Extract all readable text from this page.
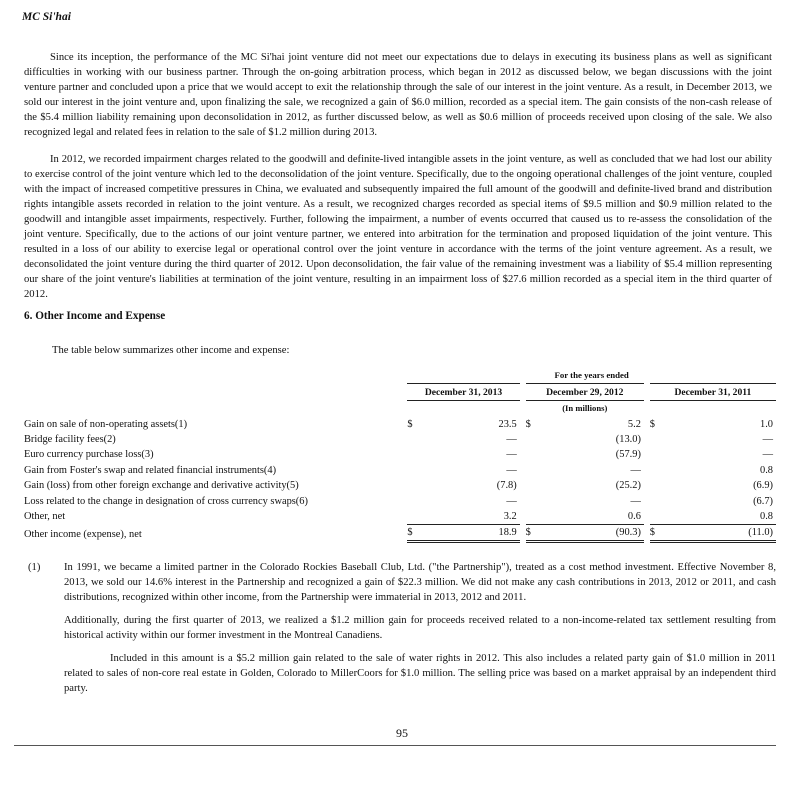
MC Si'hai

Since its inception, the performance of the MC Si'hai joint venture did not meet our expectations due to delays in executing its business plans as well as significant difficulties in working with our business partner. Through the on-going arbitration process, which began in 2012 as discussed below, we began discussions with the joint venture partner and concluded upon a price that we would accept to exit the relationship through the sale of our interest in the joint venture. As a result, in December 2013, we sold our interest in the joint venture and, upon finalizing the sale, we recognized a gain of $6.0 million, recorded as a special item. The gain consists of the non-cash release of the $5.4 million liability remaining upon deconsolidation in 2012, as further discussed below, as well as $0.6 million of proceeds received upon closing of the sale. We also recognized legal and related fees in relation to the sale of $1.2 million during 2013.

In 2012, we recorded impairment charges related to the goodwill and definite-lived intangible assets in the joint venture, as well as concluded that we had lost our ability to exercise control of the joint venture which led to the deconsolidation of the joint venture. Specifically, due to the ongoing operational challenges of the joint venture, coupled with the impact of increased competitive pressures in China, we evaluated and subsequently impaired the full amount of the goodwill and definite-lived brand and distribution rights intangible assets recorded in relation to the joint venture. As a result, we recognized charges recorded as special items of $9.5 million and $0.9 million related to the goodwill and intangible asset impairments, respectively. Further, following the impairment, a number of events occurred that caused us to re-assess the consolidation of the joint venture. Specifically, due to the actions of our joint venture partner, we entered into arbitration for the termination and proposed liquidation of the joint venture. This resulted in a loss of our ability to exercise legal or operational control over the joint venture in accordance with the terms of the joint venture agreement. As a result, we deconsolidated the joint venture during the third quarter of 2012. Upon deconsolidation, the fair value of the remaining investment was a liability of $5.4 million representing our share of the joint venture's liabilities at termination of the joint venture, resulting in an impairment loss of $27.6 million recorded as a special item in the third quarter of 2012.

6. Other Income and Expense
The table below summarizes other income and expense:
	For the years ended							
	December 31, 2013			December 29, 2012			December 31, 2011	
				(In millions)				
Gain on sale of non-operating assets(1)	$	23.5		$	5.2		$	1.0
Bridge facility fees(2)		—			(13.0)			—
Euro currency purchase loss(3)		—			(57.9)			—
Gain from Foster's swap and related financial instruments(4)		—			—			0.8
Gain (loss) from other foreign exchange and derivative activity(5)		(7.8)			(25.2)			(6.9)
Loss related to the change in designation of cross currency swaps(6)		—			—			(6.7)
Other, net		3.2			0.6			0.8
Other income (expense), net	$	18.9		$	(90.3)		$	(11.0)
(1) In 1991, we became a limited partner in the Colorado Rockies Baseball Club, Ltd. ("the Partnership"), treated as a cost method investment. Effective November 8, 2013, we sold our 14.6% interest in the Partnership and recognized a gain of $22.3 million. We did not make any cash contributions in 2013, 2012 or 2011, and cash distributions, recognized within other income, from the Partnership were immaterial in 2013, 2012 and 2011.

Additionally, during the first quarter of 2013, we realized a $1.2 million gain for proceeds received related to a non-income-related tax settlement resulting from historical activity within our former investment in the Montreal Canadiens.

Included in this amount is a $5.2 million gain related to the sale of water rights in 2012. This also includes a related party gain of $1.0 million in 2011 related to sales of non-core real estate in Golden, Colorado to MillerCoors for $1.0 million. The selling price was based on a market appraisal by an independent third party.

95
